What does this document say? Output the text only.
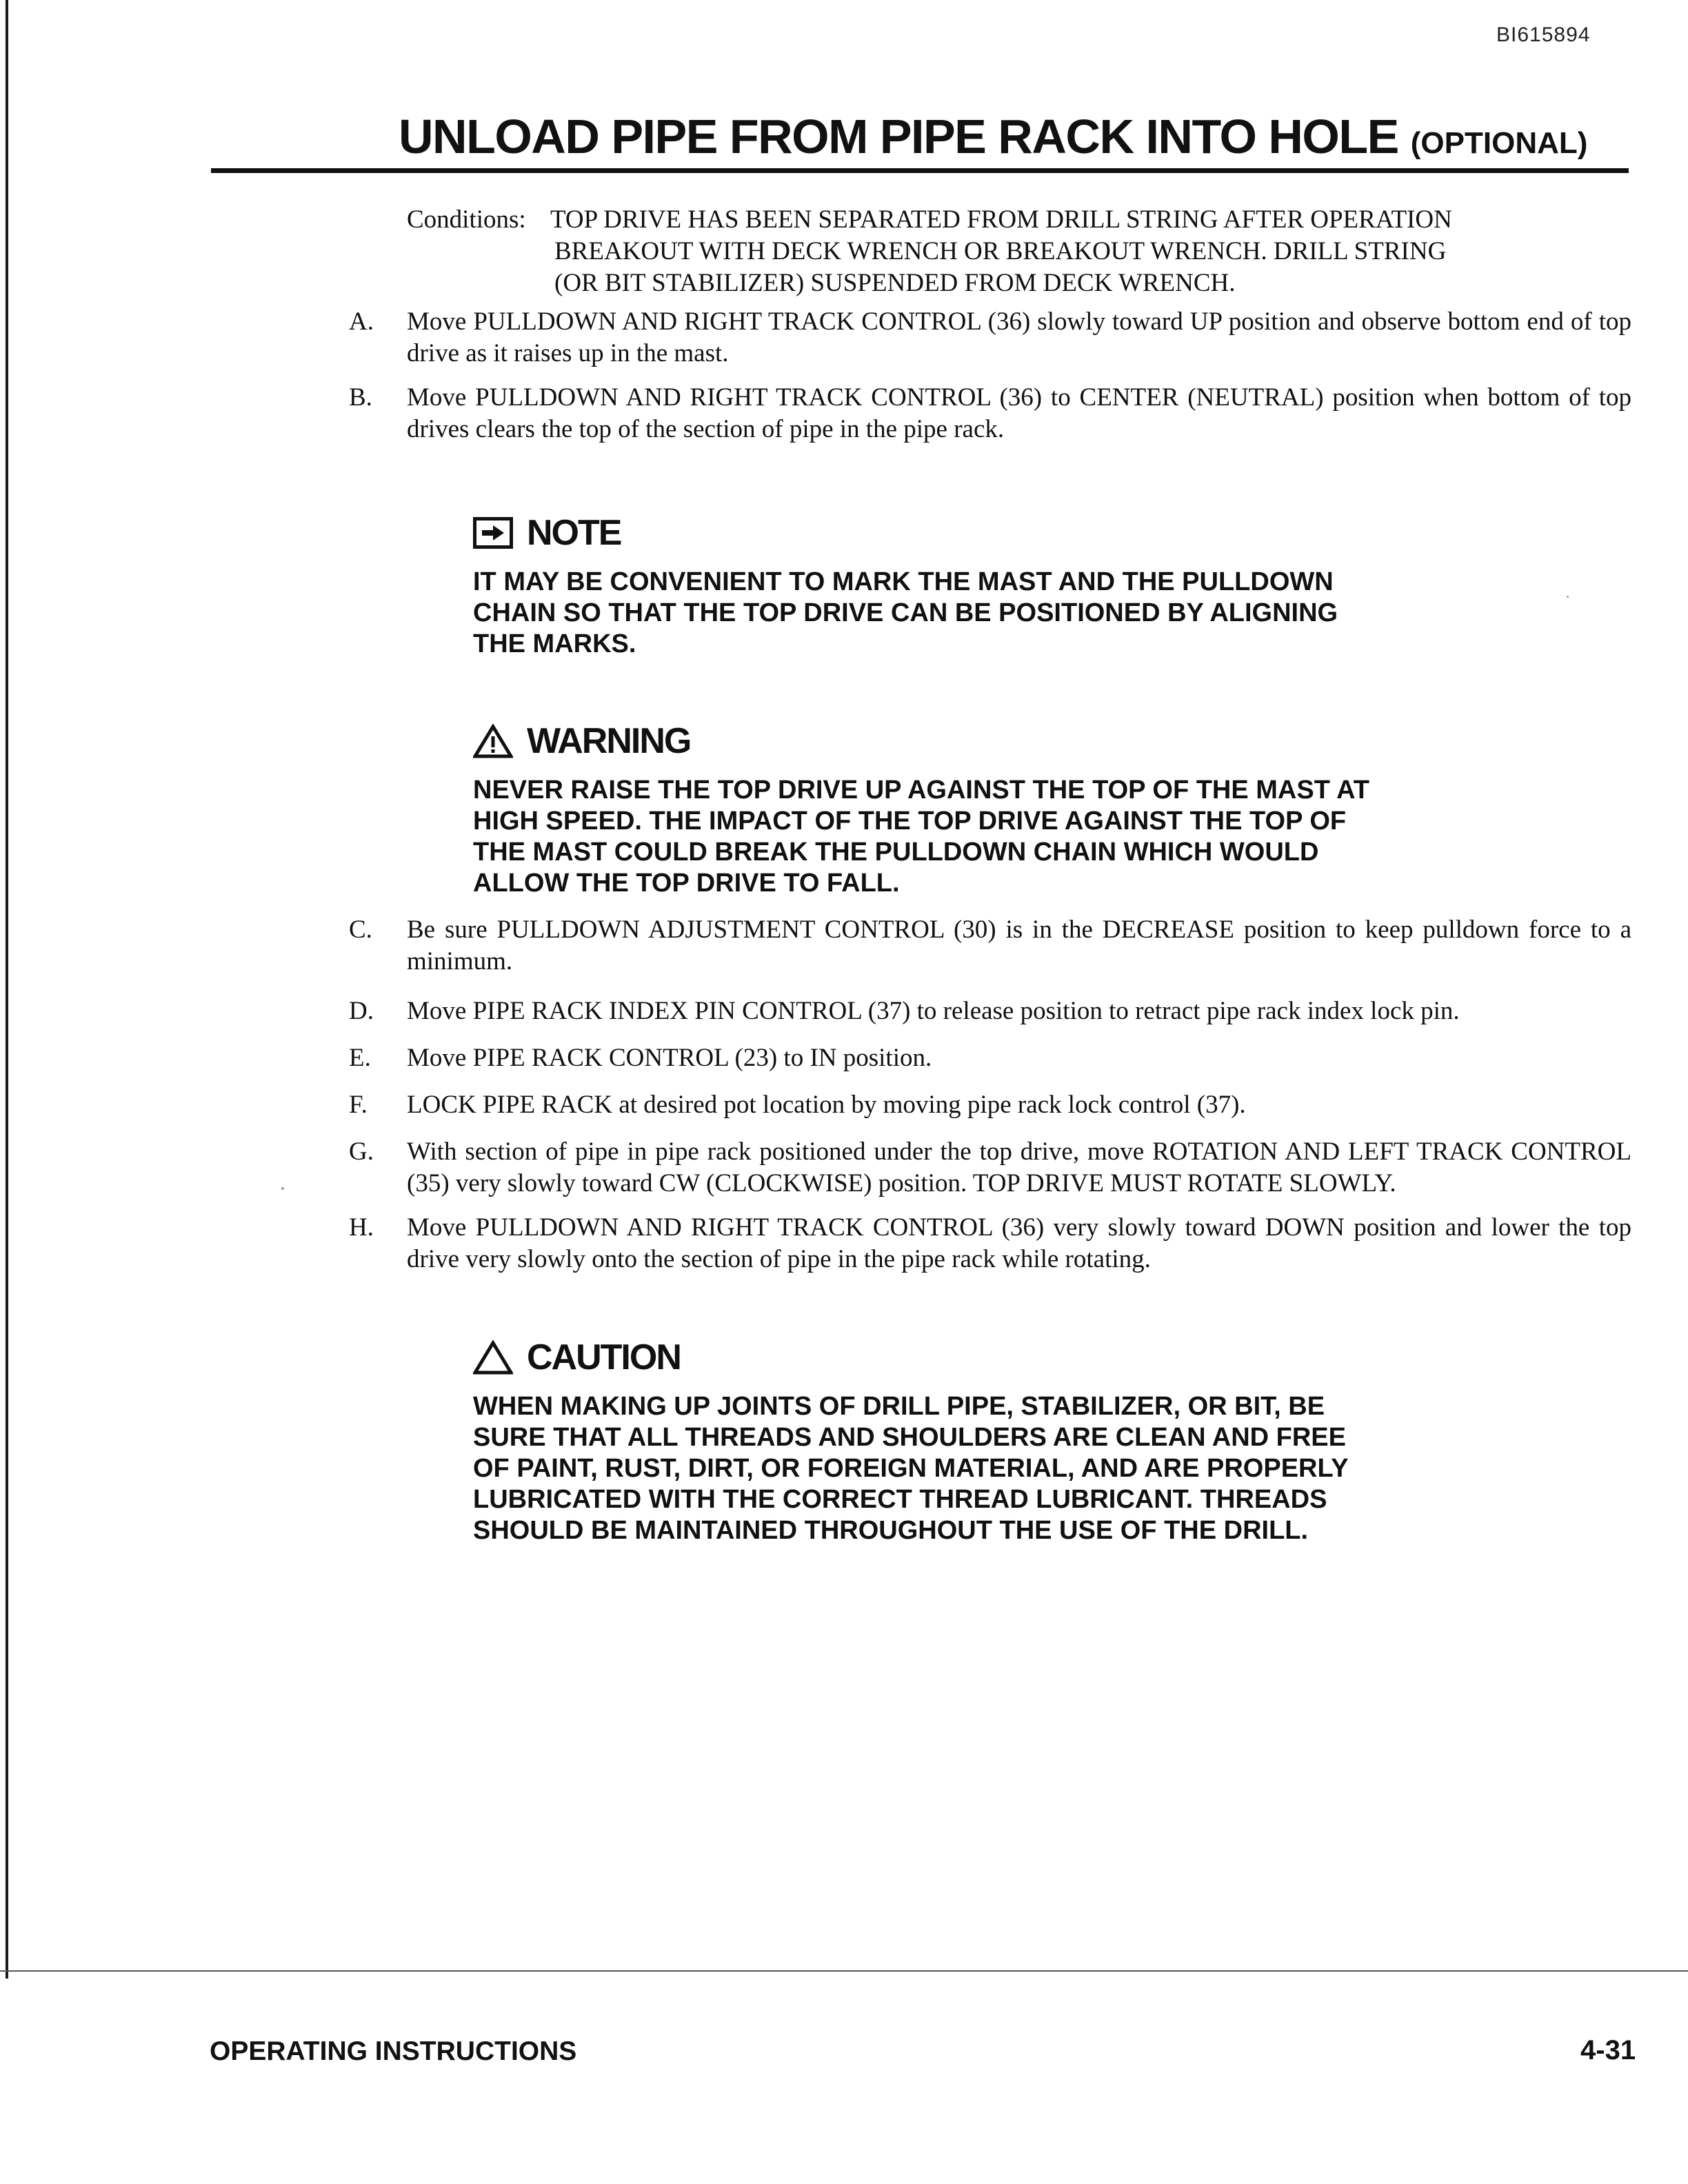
BI615894
UNLOAD PIPE FROM PIPE RACK INTO HOLE (OPTIONAL)
Conditions: TOP DRIVE HAS BEEN SEPARATED FROM DRILL STRING AFTER OPERATION
BREAKOUT WITH DECK WRENCH OR BREAKOUT WRENCH. DRILL STRING
(OR BIT STABILIZER) SUSPENDED FROM DECK WRENCH.
A.	Move PULLDOWN AND RIGHT TRACK CONTROL (36) slowly toward UP position and observe bottom end of top drive as it raises up in the mast.
B.	Move PULLDOWN AND RIGHT TRACK CONTROL (36) to CENTER (NEUTRAL) position when bottom of top drives clears the top of the section of pipe in the pipe rack.
NOTE
IT MAY BE CONVENIENT TO MARK THE MAST AND THE PULLDOWN
CHAIN SO THAT THE TOP DRIVE CAN BE POSITIONED BY ALIGNING
THE MARKS.
WARNING
NEVER RAISE THE TOP DRIVE UP AGAINST THE TOP OF THE MAST AT
HIGH SPEED. THE IMPACT OF THE TOP DRIVE AGAINST THE TOP OF
THE MAST COULD BREAK THE PULLDOWN CHAIN WHICH WOULD
ALLOW THE TOP DRIVE TO FALL.
C.	Be sure PULLDOWN ADJUSTMENT CONTROL (30) is in the DECREASE position to keep pulldown force to a minimum.
D.	Move PIPE RACK INDEX PIN CONTROL (37) to release position to retract pipe rack index lock pin.
E.	Move PIPE RACK CONTROL (23) to IN position.
F.	LOCK PIPE RACK at desired pot location by moving pipe rack lock control (37).
G.	With section of pipe in pipe rack positioned under the top drive, move ROTATION AND LEFT TRACK CONTROL (35) very slowly toward CW (CLOCKWISE) position. TOP DRIVE MUST ROTATE SLOWLY.
H.	Move PULLDOWN AND RIGHT TRACK CONTROL (36) very slowly toward DOWN position and lower the top drive very slowly onto the section of pipe in the pipe rack while rotating.
CAUTION
WHEN MAKING UP JOINTS OF DRILL PIPE, STABILIZER, OR BIT, BE
SURE THAT ALL THREADS AND SHOULDERS ARE CLEAN AND FREE
OF PAINT, RUST, DIRT, OR FOREIGN MATERIAL, AND ARE PROPERLY
LUBRICATED WITH THE CORRECT THREAD LUBRICANT. THREADS
SHOULD BE MAINTAINED THROUGHOUT THE USE OF THE DRILL.
OPERATING INSTRUCTIONS	4-31
